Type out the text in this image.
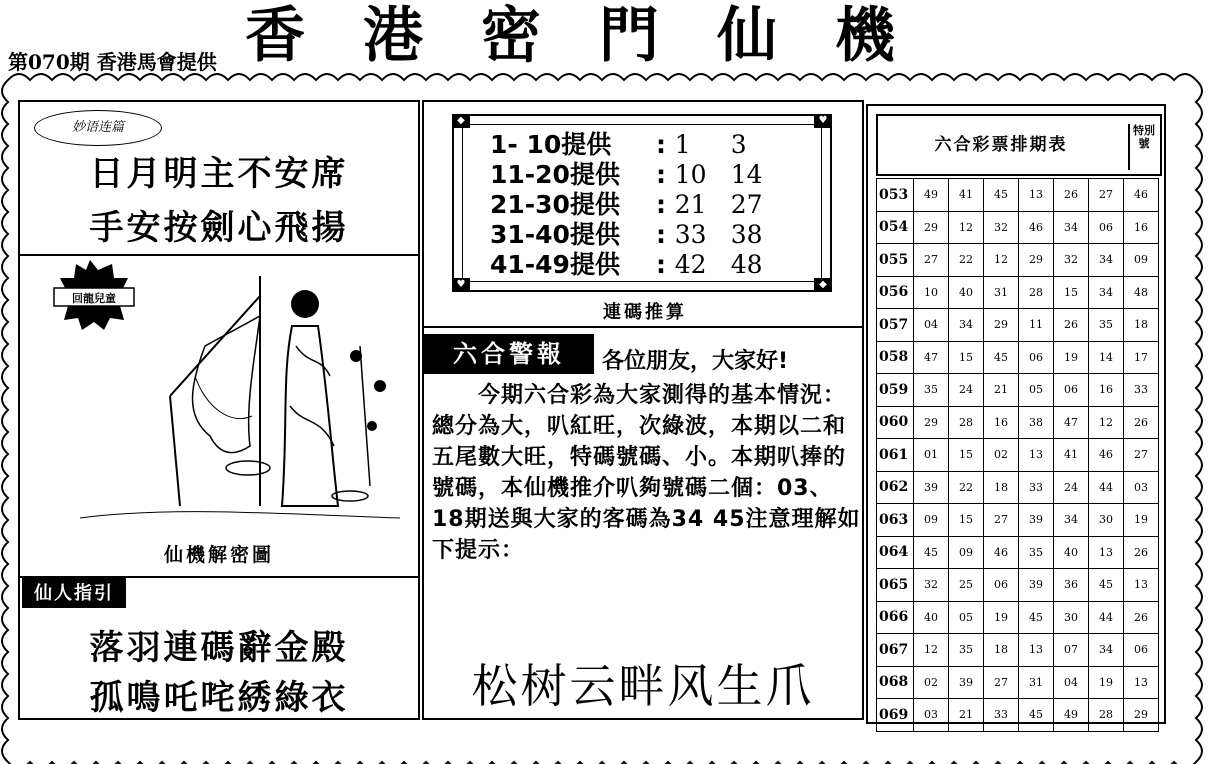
香港密門仙機
第070期 香港馬會提供
妙语连篇
日月明主不安席
手安按劍心飛揚
回龍兒童
仙機解密圖
仙人指引
落羽連碼辭金殿
孤鳴吒咤綉綠衣
◆	♥
♥	◆
1- 10提供 : 1 3
11-20提供 : 10 14
21-30提供 : 21 27
31-40提供 : 33 38
41-49提供 : 42 48
連碼推算
六合警報	各位朋友，大家好!
　　今期六合彩為大家測得的基本情況：總分為大，叭紅旺，次綠波，本期以二和五尾數大旺，特碼號碼、小。本期叭捧的號碼，本仙機推介叭夠號碼二個：03、18期送與大家的客碼為34 45注意理解如下提示：
松树云畔风生爪
六合彩票排期表
特別號
053	49	41	45	13	26	27	46
054	29	12	32	46	34	06	16
055	27	22	12	29	32	34	09
056	10	40	31	28	15	34	48
057	04	34	29	11	26	35	18
058	47	15	45	06	19	14	17
059	35	24	21	05	06	16	33
060	29	28	16	38	47	12	26
061	01	15	02	13	41	46	27
062	39	22	18	33	24	44	03
063	09	15	27	39	34	30	19
064	45	09	46	35	40	13	26
065	32	25	06	39	36	45	13
066	40	05	19	45	30	44	26
067	12	35	18	13	07	34	06
068	02	39	27	31	04	19	13
069	03	21	33	45	49	28	29
